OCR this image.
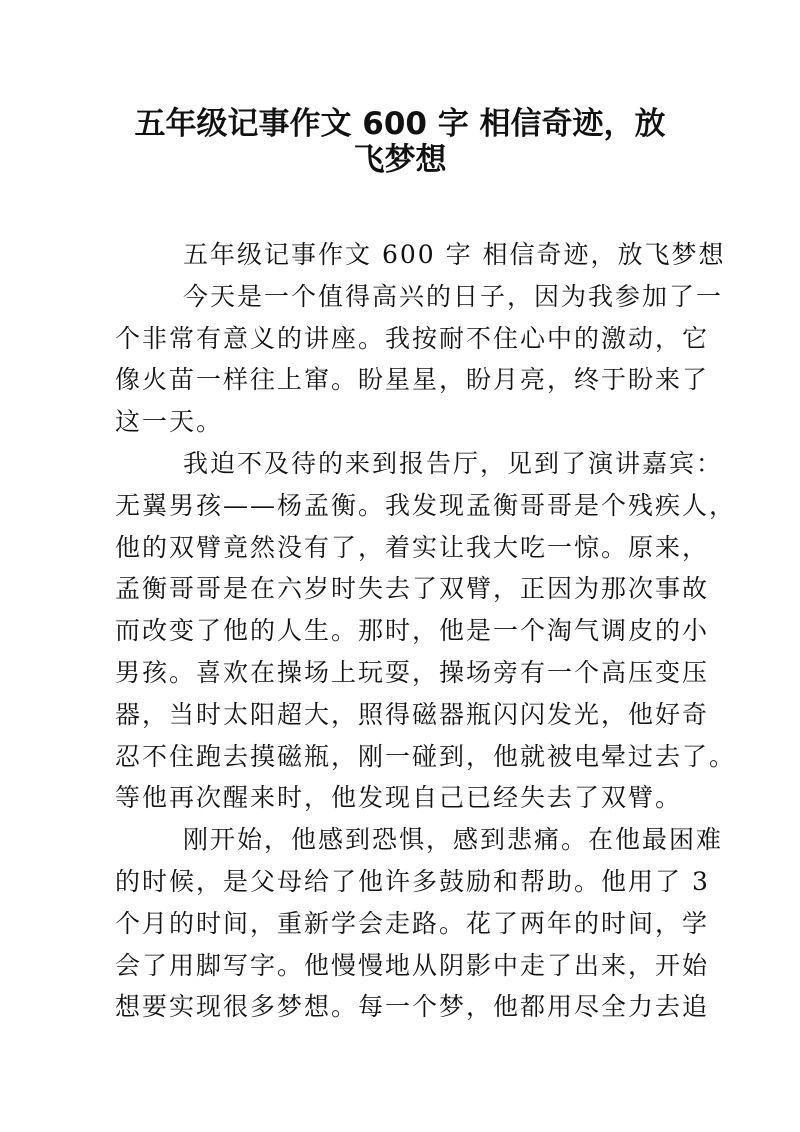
五年级记事作文 600 字 相信奇迹，放
飞梦想
五年级记事作文 600 字 相信奇迹，放飞梦想
今天是一个值得高兴的日子，因为我参加了一
个非常有意义的讲座。我按耐不住心中的激动，它
像火苗一样往上窜。盼星星，盼月亮，终于盼来了
这一天。
我迫不及待的来到报告厅，见到了演讲嘉宾：
无翼男孩——杨孟衡。我发现孟衡哥哥是个残疾人，
他的双臂竟然没有了，着实让我大吃一惊。原来，
孟衡哥哥是在六岁时失去了双臂，正因为那次事故
而改变了他的人生。那时，他是一个淘气调皮的小
男孩。喜欢在操场上玩耍，操场旁有一个高压变压
器，当时太阳超大，照得磁器瓶闪闪发光，他好奇
忍不住跑去摸磁瓶，刚一碰到，他就被电晕过去了。
等他再次醒来时，他发现自己已经失去了双臂。
刚开始，他感到恐惧，感到悲痛。在他最困难
的时候，是父母给了他许多鼓励和帮助。他用了 3
个月的时间，重新学会走路。花了两年的时间，学
会了用脚写字。他慢慢地从阴影中走了出来，开始
想要实现很多梦想。每一个梦，他都用尽全力去追
